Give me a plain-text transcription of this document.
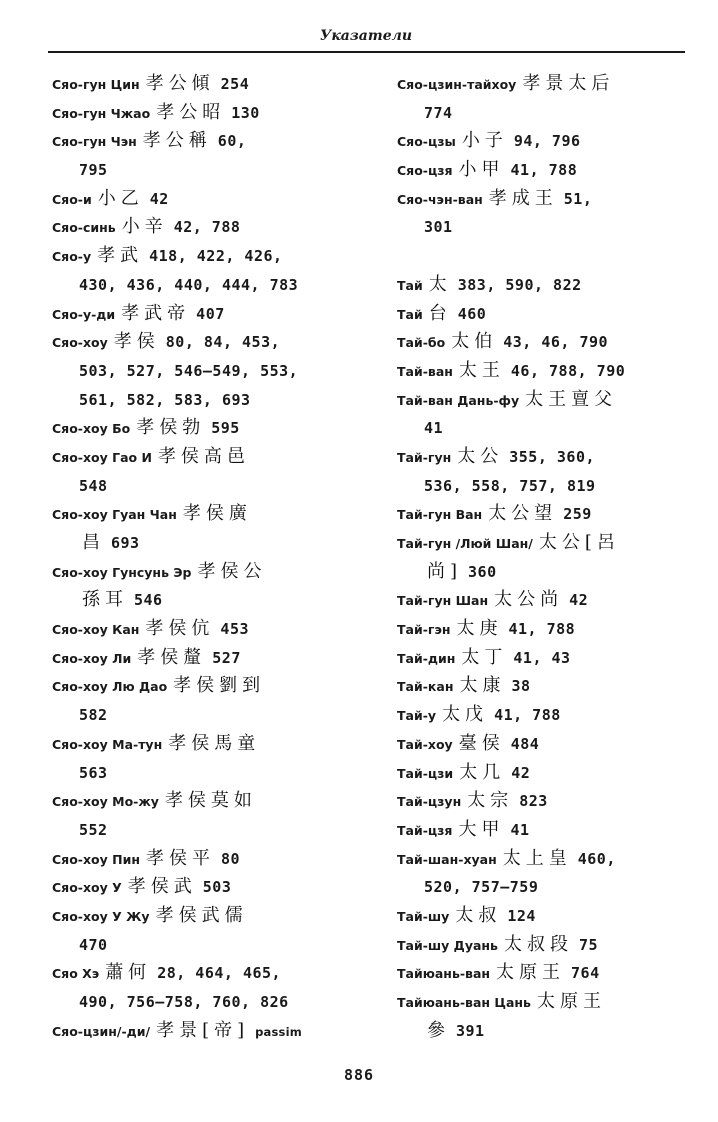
Указатели
Сяо-гун Цин 孝公傾 254
Сяо-гун Чжао 孝公昭 130
Сяо-гун Чэн 孝公稱 60,
795
Сяо-и 小乙 42
Сяо-синь 小辛 42, 788
Сяо-у 孝武 418, 422, 426,
430, 436, 440, 444, 783
Сяо-у-ди 孝武帝 407
Сяо-хоу 孝侯 80, 84, 453,
503, 527, 546–549, 553,
561, 582, 583, 693
Сяо-хоу Бо 孝侯勃 595
Сяо-хоу Гао И 孝侯高邑
548
Сяо-хоу Гуан Чан 孝侯廣
昌 693
Сяо-хоу Гунсунь Эр 孝侯公
孫耳 546
Сяо-хоу Кан 孝侯伉 453
Сяо-хоу Ли 孝侯釐 527
Сяо-хоу Лю Дао 孝侯劉到
582
Сяо-хоу Ма-тун 孝侯馬童
563
Сяо-хоу Мо-жу 孝侯莫如
552
Сяо-хоу Пин 孝侯平 80
Сяо-хоу У 孝侯武 503
Сяо-хоу У Жу 孝侯武儒
470
Сяо Хэ 蕭何 28, 464, 465,
490, 756–758, 760, 826
Сяо-цзин/-ди/ 孝景[帝] passim
Сяо-цзин-тайхоу 孝景太后
774
Сяо-цзы 小子 94, 796
Сяо-цзя 小甲 41, 788
Сяо-чэн-ван 孝成王 51,
301
Тай 太 383, 590, 822
Тай 台 460
Тай-бо 太伯 43, 46, 790
Тай-ван 太王 46, 788, 790
Тай-ван Дань-фу 太王亶父
41
Тай-гун 太公 355, 360,
536, 558, 757, 819
Тай-гун Ван 太公望 259
Тай-гун /Люй Шан/ 太公[呂
尚] 360
Тай-гун Шан 太公尚 42
Тай-гэн 太庚 41, 788
Тай-дин 太丁 41, 43
Тай-кан 太康 38
Тай-у 太戊 41, 788
Тай-хоу 臺侯 484
Тай-цзи 太几 42
Тай-цзун 太宗 823
Тай-цзя 大甲 41
Тай-шан-хуан 太上皇 460,
520, 757–759
Тай-шу 太叔 124
Тай-шу Дуань 太叔段 75
Тайюань-ван 太原王 764
Тайюань-ван Цань 太原王
參 391
886
